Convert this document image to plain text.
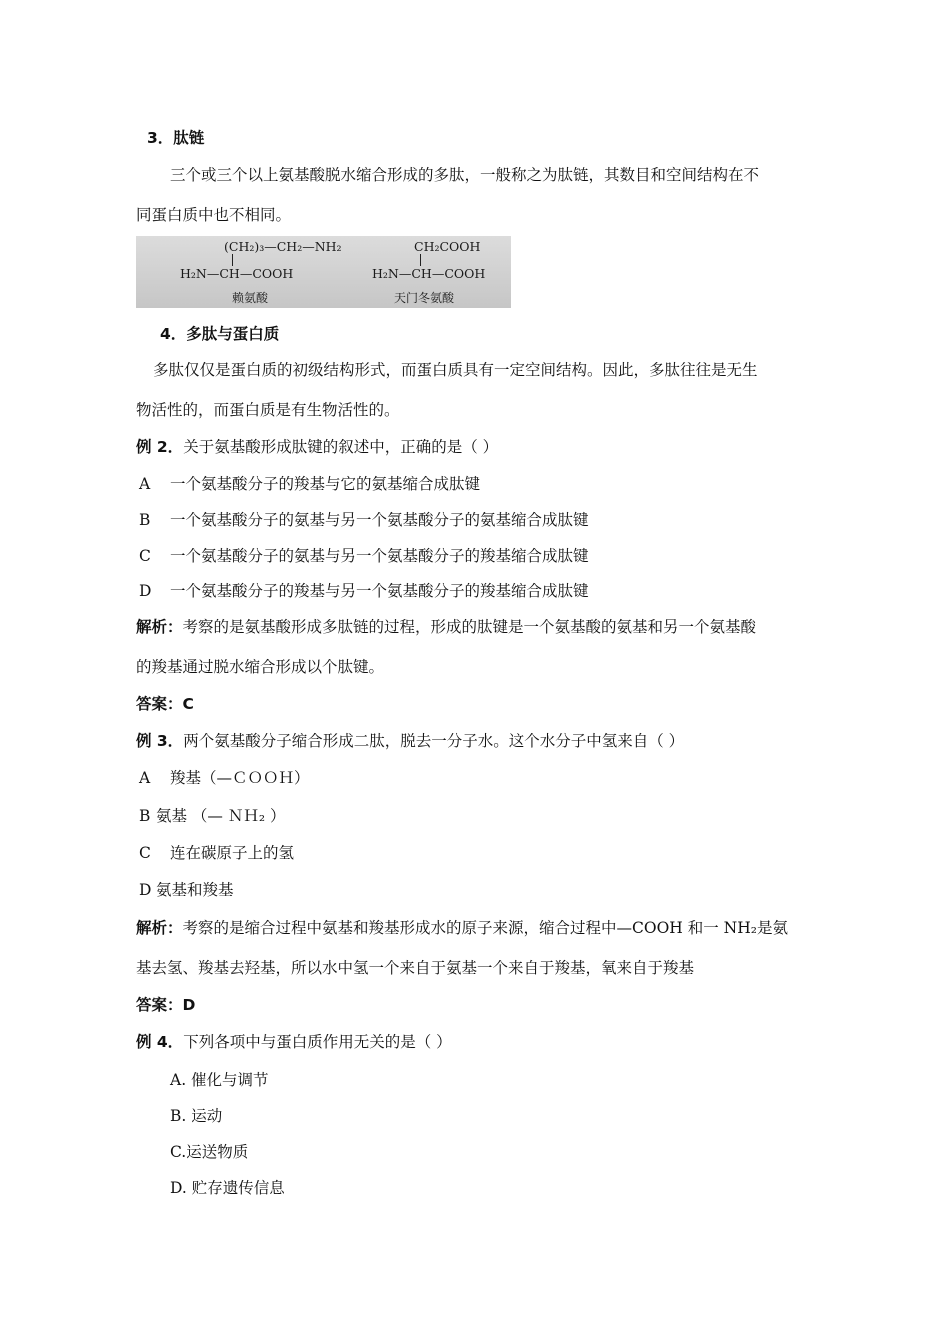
3．肽链
三个或三个以上氨基酸脱水缩合形成的多肽，一般称之为肽链，其数目和空间结构在不
同蛋白质中也不相同。
(CH₂)₃—CH₂—NH₂
H₂N—CH—COOH
赖氨酸
CH₂COOH
H₂N—CH—COOH
天门冬氨酸
4．多肽与蛋白质
多肽仅仅是蛋白质的初级结构形式，而蛋白质具有一定空间结构。因此，多肽往往是无生
物活性的，而蛋白质是有生物活性的。
例 2．关于氨基酸形成肽键的叙述中，正确的是（ ）
A 一个氨基酸分子的羧基与它的氨基缩合成肽键
B 一个氨基酸分子的氨基与另一个氨基酸分子的氨基缩合成肽键
C 一个氨基酸分子的氨基与另一个氨基酸分子的羧基缩合成肽键
D 一个氨基酸分子的羧基与另一个氨基酸分子的羧基缩合成肽键
解析：考察的是氨基酸形成多肽链的过程，形成的肽键是一个氨基酸的氨基和另一个氨基酸
的羧基通过脱水缩合形成以个肽键。
答案：C
例 3．两个氨基酸分子缩合形成二肽，脱去一分子水。这个水分子中氢来自（ ）
A 羧基（—ＣＯＯＨ）
B 氨基 （— ＮＨ₂ ）
C 连在碳原子上的氢
D 氨基和羧基
解析：考察的是缩合过程中氨基和羧基形成水的原子来源，缩合过程中—COOH 和一 NH₂是氨
基去氢、羧基去羟基，所以水中氢一个来自于氨基一个来自于羧基，氧来自于羧基
答案：D
例 4．下列各项中与蛋白质作用无关的是（ ）
A. 催化与调节
B. 运动
C.运送物质
D. 贮存遗传信息
